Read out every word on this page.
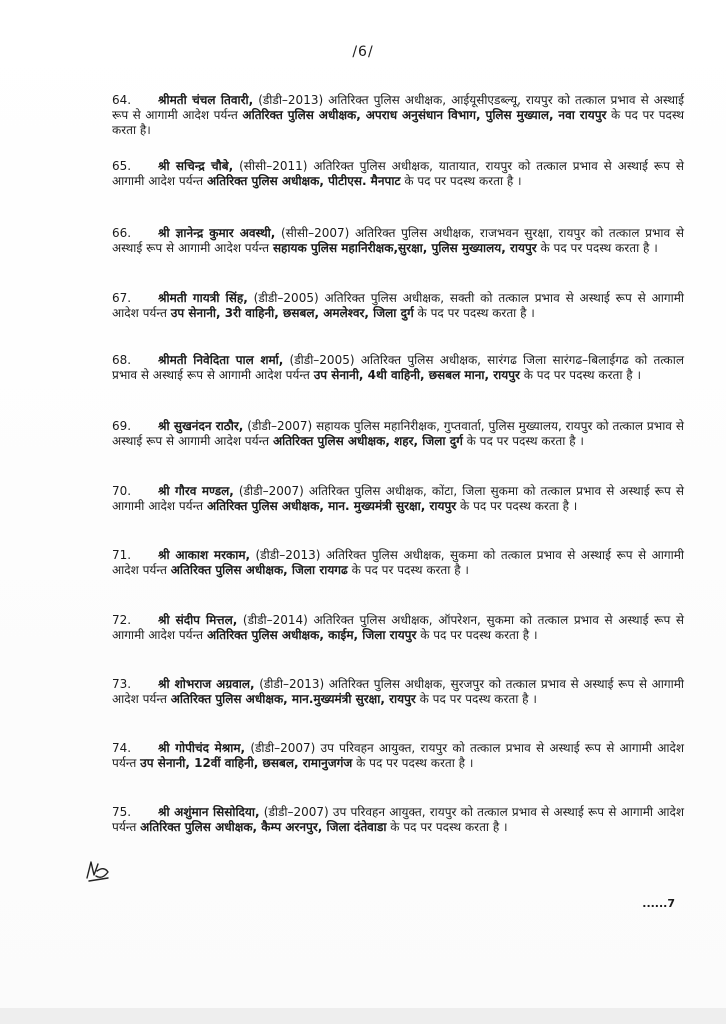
/6/

64. श्रीमती चंचल तिवारी, (डीडी–2013) अतिरिक्त पुलिस अधीक्षक, आईयूसीएडब्ल्यू, रायपुर को तत्काल प्रभाव से अस्थाई रूप से आगामी आदेश पर्यन्त अतिरिक्त पुलिस अधीक्षक, अपराध अनुसंधान विभाग, पुलिस मुख्याल, नवा रायपुर के पद पर पदस्थ करता है।

65. श्री सचिन्द्र चौबे, (सीसी–2011) अतिरिक्त पुलिस अधीक्षक, यातायात, रायपुर को तत्काल प्रभाव से अस्थाई रूप से आगामी आदेश पर्यन्त अतिरिक्त पुलिस अधीक्षक, पीटीएस. मैनपाट के पद पर पदस्थ करता है ।

66. श्री ज्ञानेन्द्र कुमार अवस्थी, (सीसी–2007) अतिरिक्त पुलिस अधीक्षक, राजभवन सुरक्षा, रायपुर को तत्काल प्रभाव से अस्थाई रूप से आगामी आदेश पर्यन्त सहायक पुलिस महानिरीक्षक,सुरक्षा, पुलिस मुख्यालय, रायपुर के पद पर पदस्थ करता है ।

67. श्रीमती गायत्री सिंह, (डीडी–2005) अतिरिक्त पुलिस अधीक्षक, सक्ती को तत्काल प्रभाव से अस्थाई रूप से आगामी आदेश पर्यन्त उप सेनानी, 3री वाहिनी, छसबल, अमलेश्वर, जिला दुर्ग के पद पर पदस्थ करता है ।

68. श्रीमती निवेदिता पाल शर्मा, (डीडी–2005) अतिरिक्त पुलिस अधीक्षक, सारंगढ जिला सारंगढ–बिलाईगढ को तत्काल प्रभाव से अस्थाई रूप से आगामी आदेश पर्यन्त उप सेनानी, 4थी वाहिनी, छसबल माना, रायपुर के पद पर पदस्थ करता है ।

69. श्री सुखनंदन राठौर, (डीडी–2007) सहायक पुलिस महानिरीक्षक, गुप्तवार्ता, पुलिस मुख्यालय, रायपुर को तत्काल प्रभाव से अस्थाई रूप से आगामी आदेश पर्यन्त अतिरिक्त पुलिस अधीक्षक, शहर, जिला दुर्ग के पद पर पदस्थ करता है ।

70. श्री गौरव मण्डल, (डीडी–2007) अतिरिक्त पुलिस अधीक्षक, कोंटा, जिला सुकमा को तत्काल प्रभाव से अस्थाई रूप से आगामी आदेश पर्यन्त अतिरिक्त पुलिस अधीक्षक, मान. मुख्यमंत्री सुरक्षा, रायपुर के पद पर पदस्थ करता है ।

71. श्री आकाश मरकाम, (डीडी–2013) अतिरिक्त पुलिस अधीक्षक, सुकमा को तत्काल प्रभाव से अस्थाई रूप से आगामी आदेश पर्यन्त अतिरिक्त पुलिस अधीक्षक, जिला रायगढ के पद पर पदस्थ करता है ।

72. श्री संदीप मित्तल, (डीडी–2014) अतिरिक्त पुलिस अधीक्षक, ऑपरेशन, सुकमा को तत्काल प्रभाव से अस्थाई रूप से आगामी आदेश पर्यन्त अतिरिक्त पुलिस अधीक्षक, काईम, जिला रायपुर के पद पर पदस्थ करता है ।

73. श्री शोभराज अग्रवाल, (डीडी–2013) अतिरिक्त पुलिस अधीक्षक, सुरजपुर को तत्काल प्रभाव से अस्थाई रूप से आगामी आदेश पर्यन्त अतिरिक्त पुलिस अधीक्षक, मान.मुख्यमंत्री सुरक्षा, रायपुर के पद पर पदस्थ करता है ।

74. श्री गोपीचंद मेश्राम, (डीडी–2007) उप परिवहन आयुक्त, रायपुर को तत्काल प्रभाव से अस्थाई रूप से आगामी आदेश पर्यन्त उप सेनानी, 12वीं वाहिनी, छसबल, रामानुजगंज के पद पर पदस्थ करता है ।

75. श्री अशुंमान सिसोदिया, (डीडी–2007) उप परिवहन आयुक्त, रायपुर को तत्काल प्रभाव से अस्थाई रूप से आगामी आदेश पर्यन्त अतिरिक्त पुलिस अधीक्षक, कैम्प अरनपुर, जिला दंतेवाडा के पद पर पदस्थ करता है ।

......7
